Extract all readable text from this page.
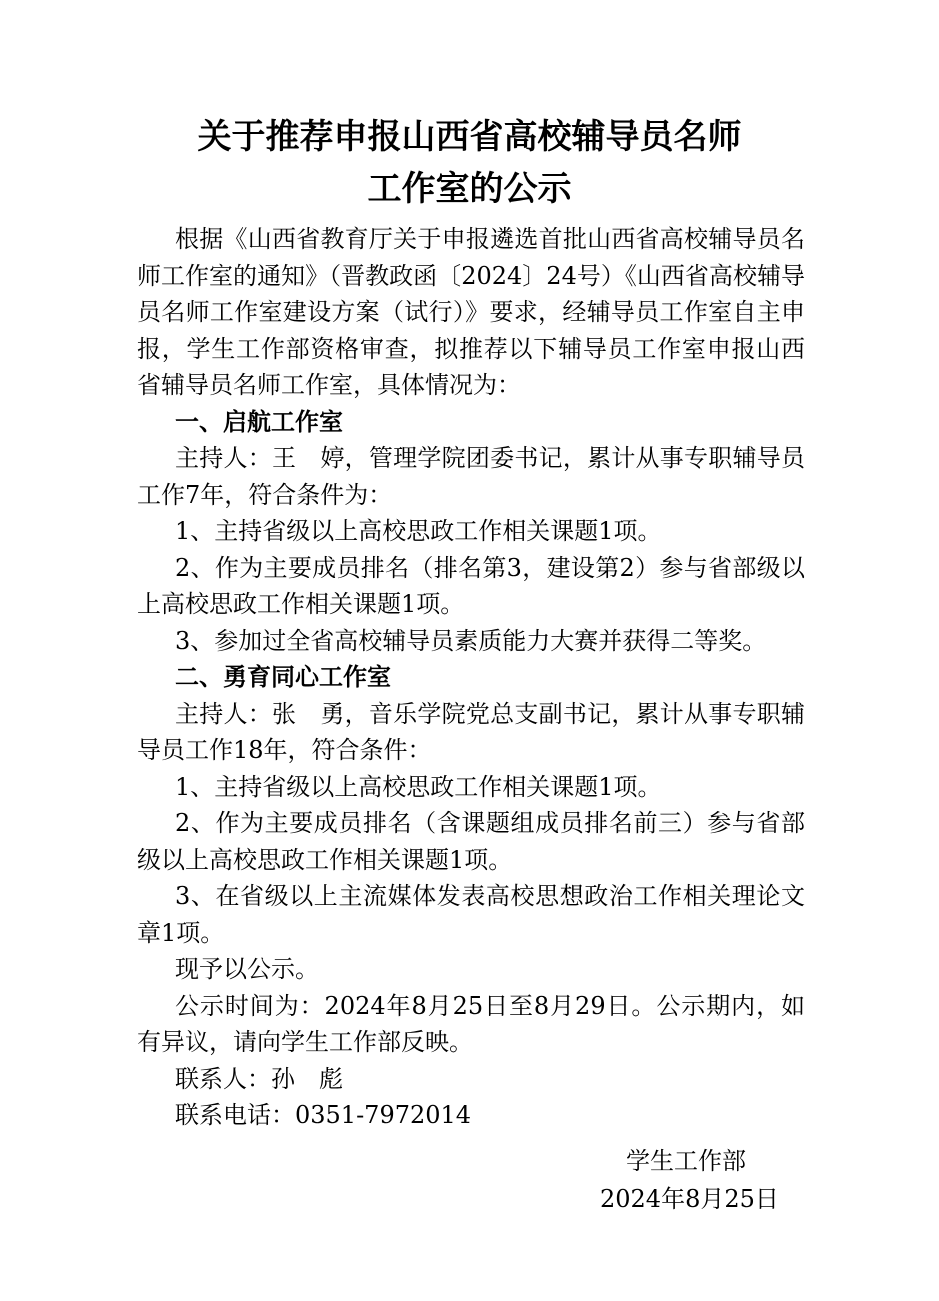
关于推荐申报山西省高校辅导员名师
工作室的公示

根据《山西省教育厅关于申报遴选首批山西省高校辅导员名师工作室的通知》（晋教政函〔2024〕24号）《山西省高校辅导员名师工作室建设方案（试行）》要求，经辅导员工作室自主申报，学生工作部资格审查，拟推荐以下辅导员工作室申报山西省辅导员名师工作室，具体情况为：

一、启航工作室

主持人：王　婷，管理学院团委书记，累计从事专职辅导员工作7年，符合条件为：

1、主持省级以上高校思政工作相关课题1项。

2、作为主要成员排名（排名第3，建设第2）参与省部级以上高校思政工作相关课题1项。

3、参加过全省高校辅导员素质能力大赛并获得二等奖。

二、勇育同心工作室

主持人：张　勇，音乐学院党总支副书记，累计从事专职辅导员工作18年，符合条件：

1、主持省级以上高校思政工作相关课题1项。

2、作为主要成员排名（含课题组成员排名前三）参与省部级以上高校思政工作相关课题1项。

3、在省级以上主流媒体发表高校思想政治工作相关理论文章1项。

现予以公示。

公示时间为：2024年8月25日至8月29日。公示期内，如有异议，请向学生工作部反映。

联系人：孙　彪

联系电话：0351-7972014

学生工作部
2024年8月25日
